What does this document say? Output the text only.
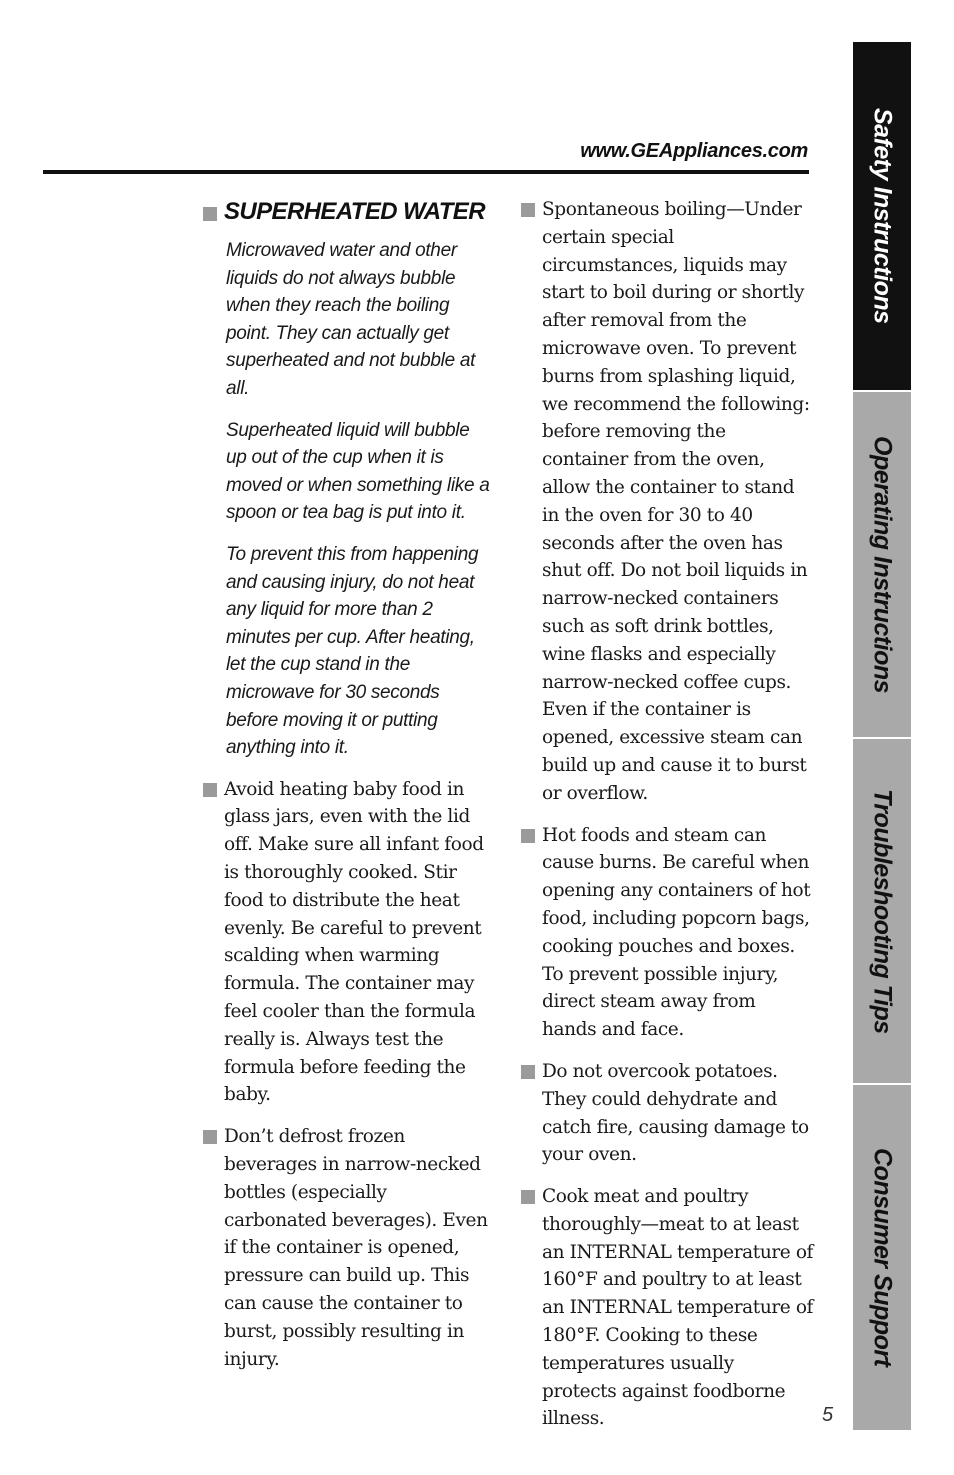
www.GEAppliances.com
SUPERHEATED WATER
Microwaved water and other liquids do not always bubble when they reach the boiling point. They can actually get superheated and not bubble at all.
Superheated liquid will bubble up out of the cup when it is moved or when something like a spoon or tea bag is put into it.
To prevent this from happening and causing injury, do not heat any liquid for more than 2 minutes per cup. After heating, let the cup stand in the microwave for 30 seconds before moving it or putting anything into it.
Avoid heating baby food in glass jars, even with the lid off. Make sure all infant food is thoroughly cooked. Stir food to distribute the heat evenly. Be careful to prevent scalding when warming formula. The container may feel cooler than the formula really is. Always test the formula before feeding the baby.
Don’t defrost frozen beverages in narrow-necked bottles (especially carbonated beverages). Even if the container is opened, pressure can build up. This can cause the container to burst, possibly resulting in injury.
Spontaneous boiling—Under certain special circumstances, liquids may start to boil during or shortly after removal from the microwave oven. To prevent burns from splashing liquid, we recommend the following: before removing the container from the oven, allow the container to stand in the oven for 30 to 40 seconds after the oven has shut off. Do not boil liquids in narrow-necked containers such as soft drink bottles, wine flasks and especially narrow-necked coffee cups. Even if the container is opened, excessive steam can build up and cause it to burst or overflow.
Hot foods and steam can cause burns. Be careful when opening any containers of hot food, including popcorn bags, cooking pouches and boxes. To prevent possible injury, direct steam away from hands and face.
Do not overcook potatoes. They could dehydrate and catch fire, causing damage to your oven.
Cook meat and poultry thoroughly—meat to at least an INTERNAL temperature of 160°F and poultry to at least an INTERNAL temperature of 180°F. Cooking to these temperatures usually protects against foodborne illness.
Safety Instructions
Operating Instructions
Troubleshooting Tips
Consumer Support
5
